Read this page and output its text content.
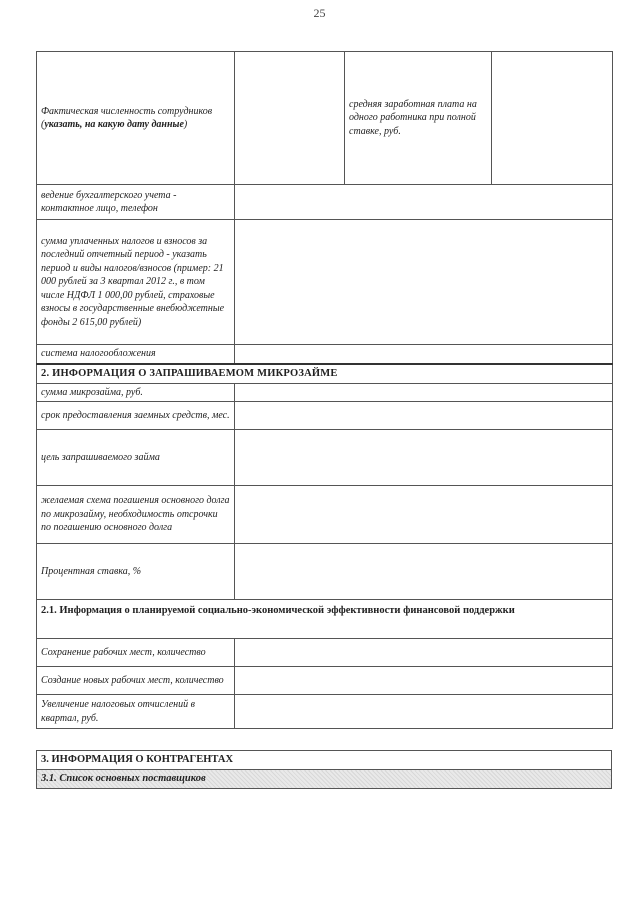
25
Фактическая численность сотрудников (указать, на какую дату данные)		средняя заработная плата на одного работника при полной ставке, руб.	
ведение бухгалтерского учета - контактное лицо, телефон			
сумма уплаченных налогов и взносов за последний отчетный период - указать период и виды налогов/взносов (пример: 21 000 рублей за 3 квартал 2012 г., в том числе НДФЛ 1 000,00 рублей, страховые взносы в государственные внебюджетные фонды 2 615,00 рублей)			
система налогообложения			
2. ИНФОРМАЦИЯ О ЗАПРАШИВАЕМОМ МИКРОЗАЙМЕ			
сумма микрозайма, руб.			
срок предоставления заемных средств, мес.			
цель запрашиваемого займа			
желаемая схема погашения основного долга по микрозайму, необходимость отсрочки по погашению основного долга			
Процентная ставка, %			
2.1. Информация о планируемой социально-экономической эффективности финансовой поддержки			
Сохранение рабочих мест, количество			
Создание новых рабочих мест, количество			
Увеличение налоговых отчислений в квартал, руб.			
3. ИНФОРМАЦИЯ О КОНТРАГЕНТАХ
3.1. Список основных поставщиков
